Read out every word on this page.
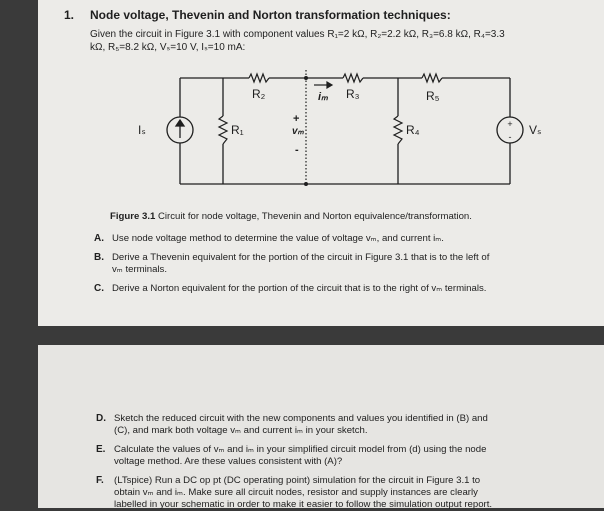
1. Node voltage, Thevenin and Norton transformation techniques:
Given the circuit in Figure 3.1 with component values R₁=2 kΩ, R₂=2.2 kΩ, R₃=6.8 kΩ, R₄=3.3
kΩ, R₅=8.2 kΩ, Vₛ=10 V, Iₛ=10 mA:
+
-
R₂	R₃	R₅
R₁	R₄
Iₛ	Vₛ
iₘ
+
vₘ
-
Figure 3.1 Circuit for node voltage, Thevenin and Norton equivalence/transformation.
A. Use node voltage method to determine the value of voltage vₘ, and current iₘ.
B. Derive a Thevenin equivalent for the portion of the circuit in Figure 3.1 that is to the left of
vₘ terminals.
C. Derive a Norton equivalent for the portion of the circuit that is to the right of vₘ terminals.
D. Sketch the reduced circuit with the new components and values you identified in (B) and
(C), and mark both voltage vₘ and current iₘ in your sketch.
E. Calculate the values of vₘ and iₘ in your simplified circuit model from (d) using the node
voltage method. Are these values consistent with (A)?
F. (LTspice) Run a DC op pt (DC operating point) simulation for the circuit in Figure 3.1 to
obtain vₘ and iₘ. Make sure all circuit nodes, resistor and supply instances are clearly
labelled in your schematic in order to make it easier to follow the simulation output report.
